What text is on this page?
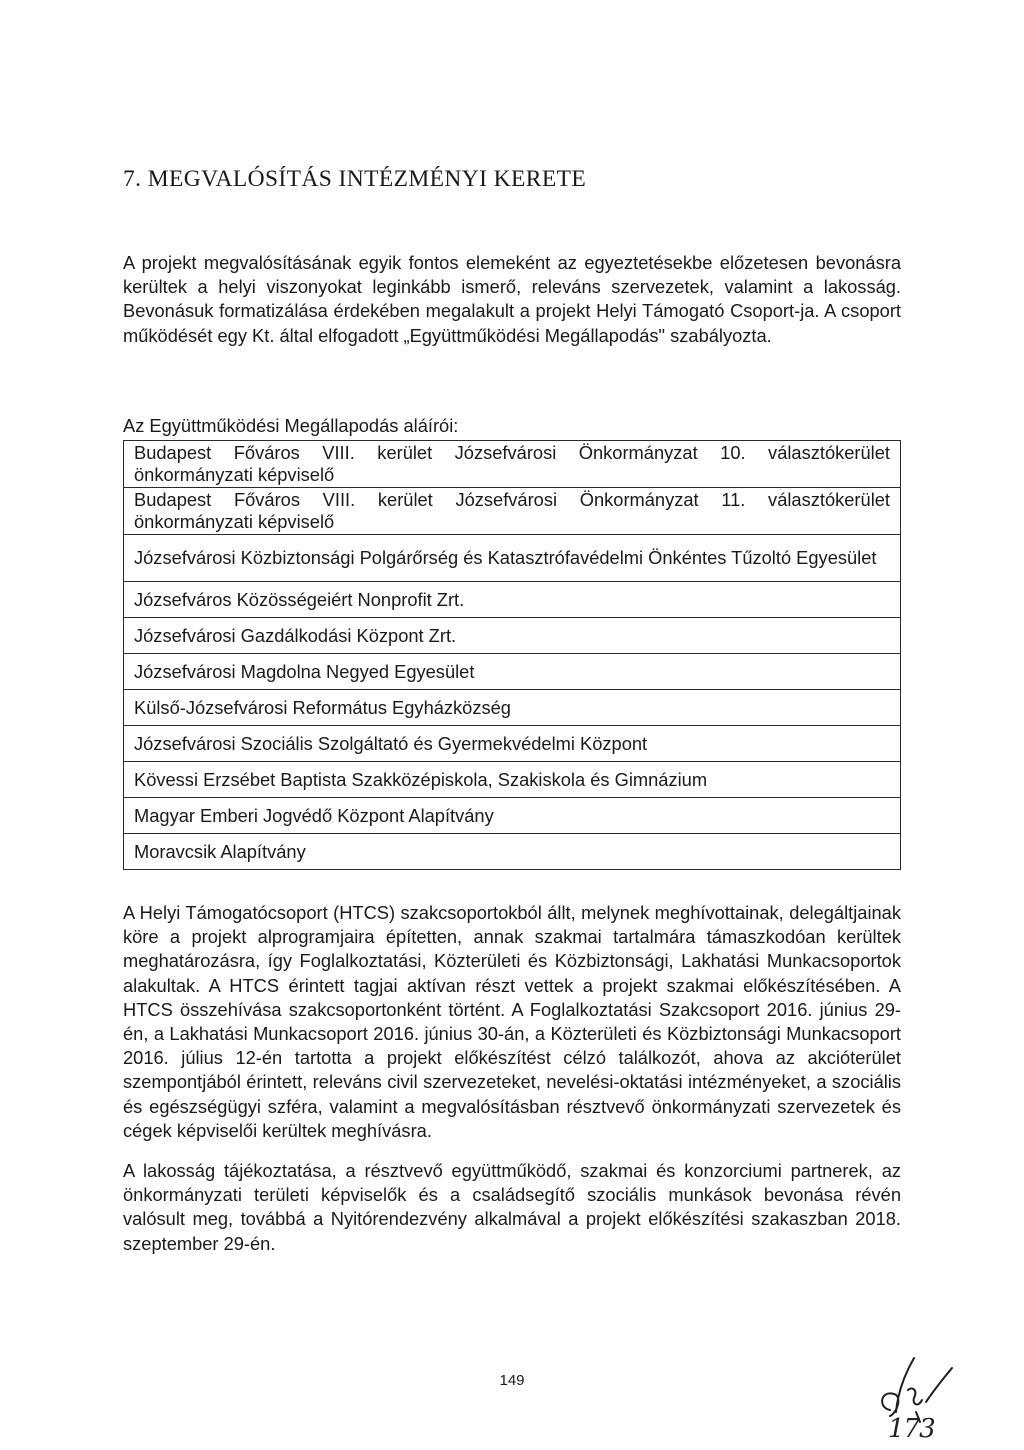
7. MEGVALÓSÍTÁS INTÉZMÉNYI KERETE

A projekt megvalósításának egyik fontos elemeként az egyeztetésekbe előzetesen bevonásra kerültek a helyi viszonyokat leginkább ismerő, releváns szervezetek, valamint a lakosság. Bevonásuk formatizálása érdekében megalakult a projekt Helyi Támogató Csoport-ja. A csoport működését egy Kt. által elfogadott „Együttműködési Megállapodás" szabályozta.

Az Együttműködési Megállapodás aláírói:

Budapest Főváros VIII. kerület Józsefvárosi Önkormányzat 10. választókerület önkormányzati képviselő
Budapest Főváros VIII. kerület Józsefvárosi Önkormányzat 11. választókerület önkormányzati képviselő
Józsefvárosi Közbiztonsági Polgárőrség és Katasztrófavédelmi Önkéntes Tűzoltó Egyesület
Józsefváros Közösségeiért Nonprofit Zrt.
Józsefvárosi Gazdálkodási Központ Zrt.
Józsefvárosi Magdolna Negyed Egyesület
Külső-Józsefvárosi Református Egyházközség
Józsefvárosi Szociális Szolgáltató és Gyermekvédelmi Központ
Kövessi Erzsébet Baptista Szakközépiskola, Szakiskola és Gimnázium
Magyar Emberi Jogvédő Központ Alapítvány
Moravcsik Alapítvány

A Helyi Támogatócsoport (HTCS) szakcsoportokból állt, melynek meghívottainak, delegáltjainak köre a projekt alprogramjaira építetten, annak szakmai tartalmára támaszkodóan kerültek meghatározásra, így Foglalkoztatási, Közterületi és Közbiztonsági, Lakhatási Munkacsoportok alakultak. A HTCS érintett tagjai aktívan részt vettek a projekt szakmai előkészítésében. A HTCS összehívása szakcsoportonként történt. A Foglalkoztatási Szakcsoport 2016. június 29-én, a Lakhatási Munkacsoport 2016. június 30-án, a Közterületi és Közbiztonsági Munkacsoport 2016. július 12-én tartotta a projekt előkészítést célzó találkozót, ahova az akcióterület szempontjából érintett, releváns civil szervezeteket, nevelési-oktatási intézményeket, a szociális és egészségügyi szféra, valamint a megvalósításban résztvevő önkormányzati szervezetek és cégek képviselői kerültek meghívásra.

A lakosság tájékoztatása, a résztvevő együttműködő, szakmai és konzorciumi partnerek, az önkormányzati területi képviselők és a családsegítő szociális munkások bevonása révén valósult meg, továbbá a Nyitórendezvény alkalmával a projekt előkészítési szakaszban 2018. szeptember 29-én.

149

173
